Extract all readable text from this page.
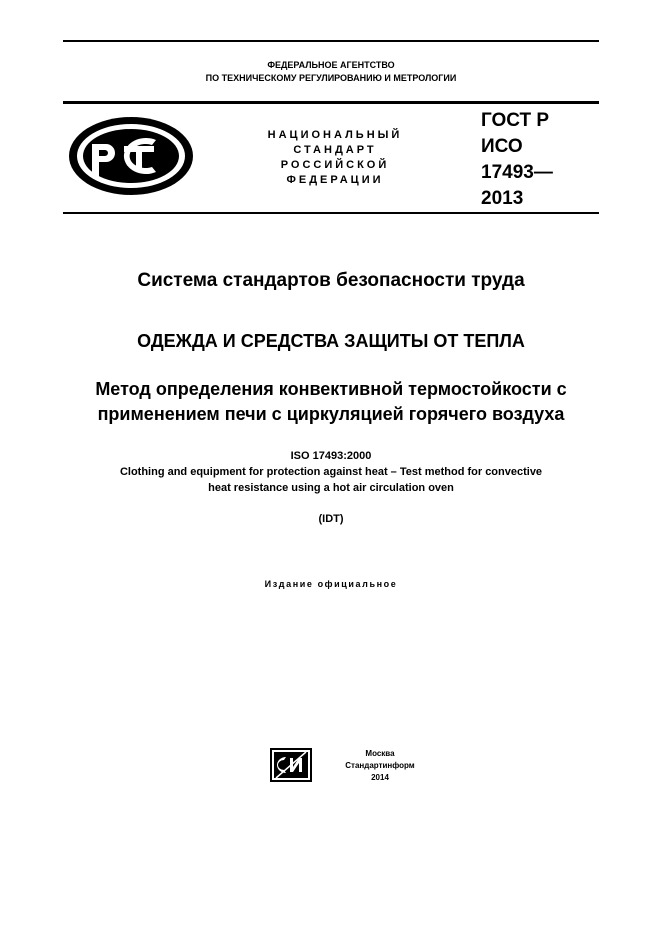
ФЕДЕРАЛЬНОЕ АГЕНТСТВО
ПО ТЕХНИЧЕСКОМУ РЕГУЛИРОВАНИЮ И МЕТРОЛОГИИ
НАЦИОНАЛЬНЫЙ
СТАНДАРТ
РОССИЙСКОЙ
ФЕДЕРАЦИИ
ГОСТ Р
ИСО
17493—
2013
Система стандартов безопасности труда
ОДЕЖДА И СРЕДСТВА ЗАЩИТЫ ОТ ТЕПЛА
Метод определения конвективной термостойкости с
применением печи с циркуляцией горячего воздуха
ISO 17493:2000
Clothing and equipment for protection against heat – Test method for convective
heat resistance using a hot air circulation oven
(IDT)
Издание официальное
Москва
Стандартинформ
2014
